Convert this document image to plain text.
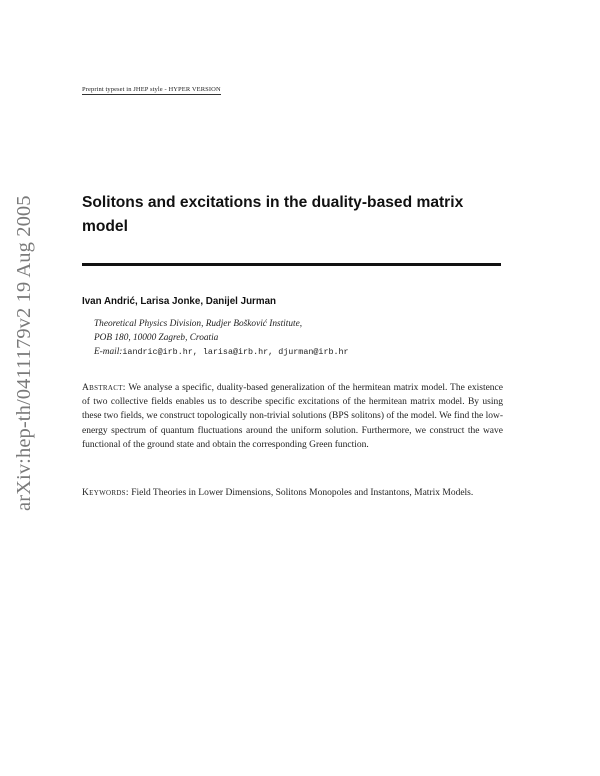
Preprint typeset in JHEP style - HYPER VERSION
arXiv:hep-th/0411179v2 19 Aug 2005	Solitons and excitations in the duality-based matrix model
Ivan Andrić, Larisa Jonke, Danijel Jurman
Theoretical Physics Division, Rudjer Bošković Institute,
POB 180, 10000 Zagreb, Croatia
E-mail:iandric@irb.hr, larisa@irb.hr, djurman@irb.hr
Abstract: We analyse a specific, duality-based generalization of the hermitean matrix model. The existence of two collective fields enables us to describe specific excitations of the hermitean matrix model. By using these two fields, we construct topologically non-trivial solutions (BPS solitons) of the model. We find the low-energy spectrum of quantum fluctuations around the uniform solution. Furthermore, we construct the wave functional of the ground state and obtain the corresponding Green function.
Keywords: Field Theories in Lower Dimensions, Solitons Monopoles and Instantons, Matrix Models.
